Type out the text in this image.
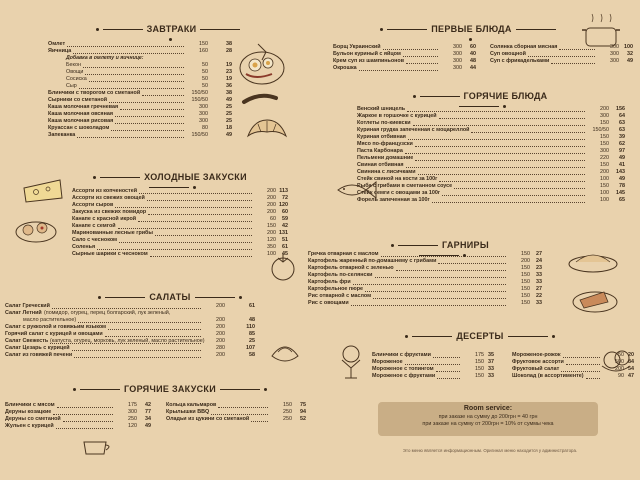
ЗАВТРАКИ
ХОЛОДНЫЕ ЗАКУСКИ
САЛАТЫ
ГОРЯЧИЕ ЗАКУСКИ
ПЕРВЫЕ БЛЮДА
ГОРЯЧИЕ БЛЮДА
ГАРНИРЫ
ДЕСЕРТЫ
Омлет	150	38
Яичница	160	28
Добавка в омлету и яичнице:
Бекон	50	19
Овощи	50	23
Сосиска	50	19
Сыр	50	36
Блинчики с творогом со сметаной	150/50	38
Сырники со сметаной	150/50	49
Каша молочная гречневая	300	25
Каша молочная овсяная	300	25
Каша молочная рисовая	300	25
Круассан с шоколадом	80	18
Запеканка	150/50	49
Ассорти из копченостей	200 113
Ассорти из свежих овощей	200	72
Ассорти сыров	200 120
Закуска из свежих помидор	200	60
Канапе с красной икрой	60	59
Канапе с семгой	150	42
Маринованные лесные грибы	200 131
Сало с чесноком	120	51
Соленья	350	61
Сырные шарики с чесноком	100	45
Салат Греческий	200	61
Салат Летний (помидор, огурец, перец болгарский, лук зеленый,
масло растительное)	200	48
Салат с рукколой и говяжьим языком	200	110
Горячий салат с курицей и овощами	200	85
Салат Свежесть (капуста, огурец, морковь, лук зеленый, масло растительное)	200	25
Салат Цезарь с курицей	280	107
Салат из говяжей печени	200	58
Блинчики с мясом	175	42
Деруны козацкие	300	77
Деруны со сметаной	250	34
Жульен с курицей	120	49
Кольца кальмаров	150	75
Крылышки BBQ	250	94
Оладьи из цукини со сметаной	250	52
Борщ Украинский	300	60
Бульон куриный с яйцом	300	40
Крем суп из шампиньонов	300	48
Окрошка	300	44
Солянка сборная мясная	300 100
Суп овощной	300	32
Суп с фрикадельками	300	49
Венский шницель	200	156
Жаркое в горшочке с курицей	300	64
Котлеты по-киевски	150	63
Куриная грудка запеченная с моцареллой	150/50	63
Куриная отбивная	150	39
Мясо по-французски	150	62
Паста Карбонара	300	97
Пельмени домашние	220	49
Свиная отбивная	150	41
Свинина с лисичками	200	143
Стейк свиной на кости за 100г	100	49
Рыба с грибами в сметанном соусе	150	78
Стейк семги с овощами за 100г	100	145
Форель запеченная за 100г	100	65
Гречка отварная с маслом	150	27
Картофель жаренный по-домашнему с грибами	200	24
Картофель отварной с зеленью	150	23
Картофель по-селянски	150	33
Картофель фри	150	33
Картофельное пюре	150	27
Рис отварной с маслом	150	22
Рис с овощами	150	33
Блинчики с фруктами	175 35
Мороженое	150 37
Мороженое с топингом	150 33
Мороженое с фруктами	150 33
Мороженое-рожок	50 20
Фруктовое ассорти	500 84
Фруктовый салат	200 54
Шоколад (в ассортименте)	90 47
Room service:
при заказе на сумму до 200грн = 40 грн
при заказе на сумму от 200грн = 10% от суммы чека
Это меню является информационным. Оригинал меню находится у администратора.
